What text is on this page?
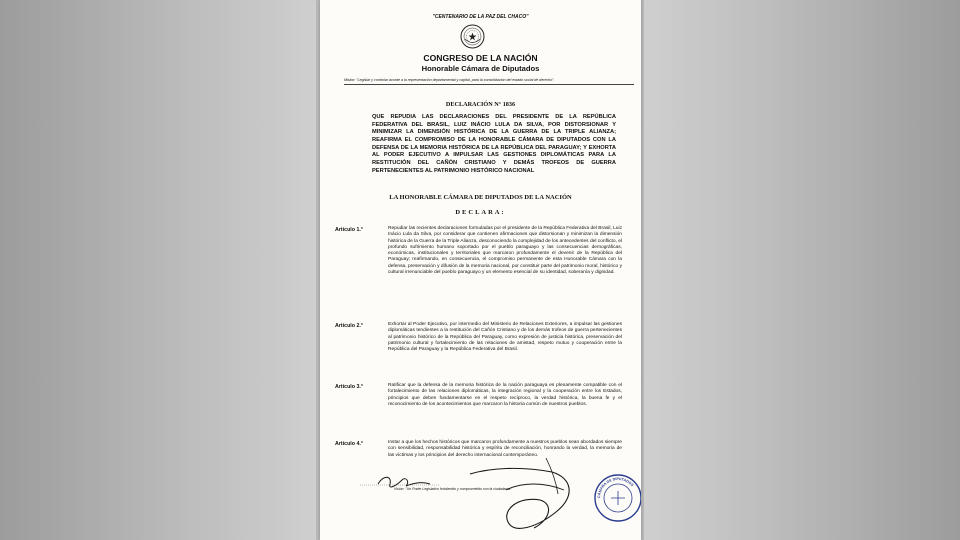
"CENTENARIO DE LA PAZ DEL CHACO"
CONGRESO DE LA NACIÓN
Honorable Cámara de Diputados
Misión: "Legislar y controlar acorde a la representación departamental y capital, para la consolidación del estado social de derecho".
DECLARACIÓN N° 1836
QUE REPUDIA LAS DECLARACIONES DEL PRESIDENTE DE LA REPÚBLICA FEDERATIVA DEL BRASIL, LUIZ INÁCIO LULA DA SILVA, POR DISTORSIONAR Y MINIMIZAR LA DIMENSIÓN HISTÓRICA DE LA GUERRA DE LA TRIPLE ALIANZA; REAFIRMA EL COMPROMISO DE LA HONORABLE CÁMARA DE DIPUTADOS CON LA DEFENSA DE LA MEMORIA HISTÓRICA DE LA REPÚBLICA DEL PARAGUAY; Y EXHORTA AL PODER EJECUTIVO A IMPULSAR LAS GESTIONES DIPLOMÁTICAS PARA LA RESTITUCIÓN DEL CAÑÓN CRISTIANO Y DEMÁS TROFEOS DE GUERRA PERTENECIENTES AL PATRIMONIO HISTÓRICO NACIONAL
LA HONORABLE CÁMARA DE DIPUTADOS DE LA NACIÓN
DECLARA:
Artículo 1.°	Repudiar las recientes declaraciones formuladas por el presidente de la República Federativa del Brasil, Luiz Inácio Lula da Silva, por considerar que contienen afirmaciones que distorsionan y minimizan la dimensión histórica de la Guerra de la Triple Alianza, desconociendo la complejidad de los antecedentes del conflicto, el profundo sufrimiento humano soportado por el pueblo paraguayo y las consecuencias demográficas, económicas, institucionales y territoriales que marcaron profundamente el devenir de la República del Paraguay; reafirmando, en consecuencia, el compromiso permanente de esta Honorable Cámara con la defensa, preservación y difusión de la memoria nacional, por constituir parte del patrimonio moral, histórico y cultural irrenunciable del pueblo paraguayo y un elemento esencial de su identidad, soberanía y dignidad.
Artículo 2.°	Exhortar al Poder Ejecutivo, por intermedio del Ministerio de Relaciones Exteriores, a impulsar las gestiones diplomáticas tendientes a la restitución del Cañón Cristiano y de los demás trofeos de guerra pertenecientes al patrimonio histórico de la República del Paraguay, como expresión de justicia histórica, preservación del patrimonio cultural y fortalecimiento de las relaciones de amistad, respeto mutuo y cooperación entre la República del Paraguay y la República Federativa del Brasil.
Artículo 3.°	Ratificar que la defensa de la memoria histórica de la nación paraguaya es plenamente compatible con el fortalecimiento de las relaciones diplomáticas, la integración regional y la cooperación entre los Estados, principios que deben fundamentarse en el respeto recíproco, la verdad histórica, la buena fe y el reconocimiento de los acontecimientos que marcaron la historia común de nuestros pueblos.
Artículo 4.°	Instar a que los hechos históricos que marcaron profundamente a nuestros pueblos sean abordados siempre con sensibilidad, responsabilidad histórica y espíritu de reconciliación, honrando la verdad, la memoria de las víctimas y los principios del derecho internacional contemporáneo.
Visión: "Un Poder Legislativo fortalecido y comprometido con la ciudadanía".
CÁMARA DE DIPUTADOS
